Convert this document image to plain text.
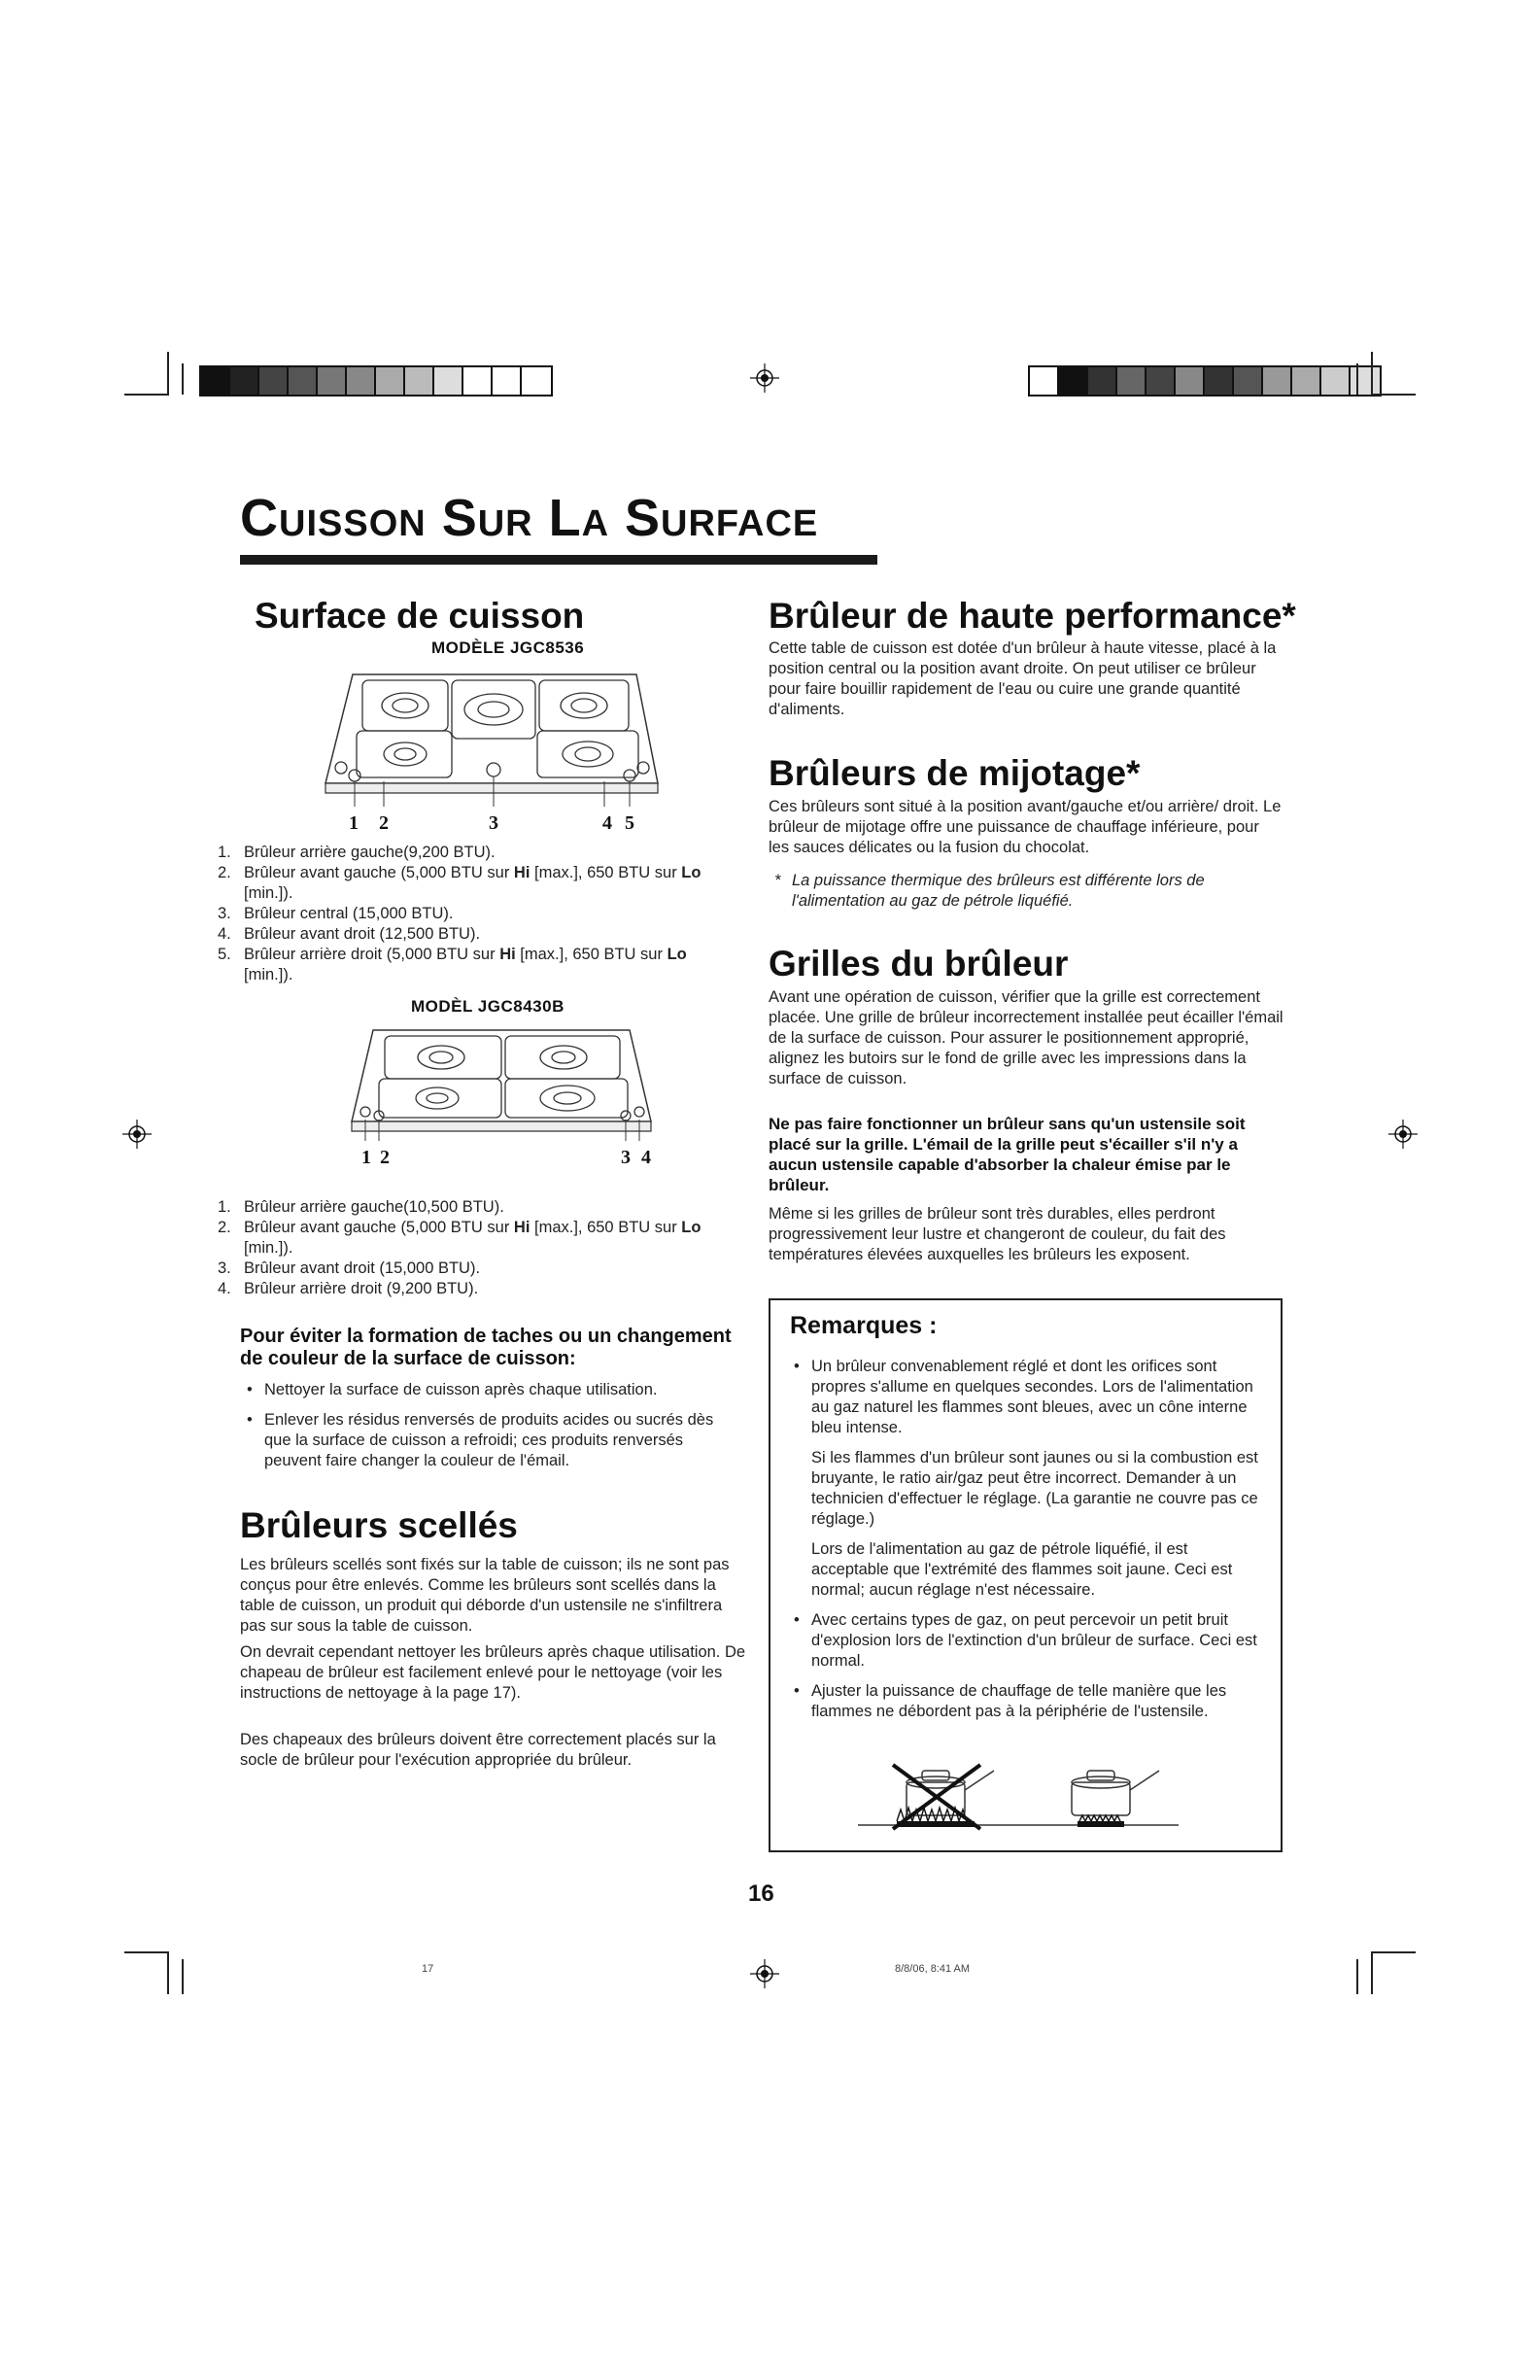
Cuisson Sur La Surface
Surface de cuisson
MODÈLE JGC8536
1 2	3	4 5
1. Brûleur arrière gauche(9,200 BTU).
2. Brûleur avant gauche (5,000 BTU sur Hi [max.], 650 BTU sur Lo [min.]).
3. Brûleur central (15,000 BTU).
4. Brûleur avant droit (12,500 BTU).
5. Brûleur arrière droit (5,000 BTU sur Hi [max.], 650 BTU sur Lo [min.]).
MODÈL JGC8430B
1 2	3 4
1. Brûleur arrière gauche(10,500 BTU).
2. Brûleur avant gauche (5,000 BTU sur Hi [max.], 650 BTU sur Lo [min.]).
3. Brûleur avant droit (15,000 BTU).
4. Brûleur arrière droit (9,200 BTU).
Pour éviter la formation de taches ou un changement de couleur de la surface de cuisson:
• Nettoyer la surface de cuisson après chaque utilisation.
• Enlever les résidus renversés de produits acides ou sucrés dès que la surface de cuisson a refroidi; ces produits renversés peuvent faire changer la couleur de l'émail.
Brûleurs scellés

Les brûleurs scellés sont fixés sur la table de cuisson; ils ne sont pas conçus pour être enlevés. Comme les brûleurs sont scellés dans la table de cuisson, un produit qui déborde d'un ustensile ne s'infiltrera pas sur sous la table de cuisson.

On devrait cependant nettoyer les brûleurs après chaque utilisation. De chapeau de brûleur est facilement enlevé pour le nettoyage (voir les instructions de nettoyage à la page 17).

Des chapeaux des brûleurs doivent être correctement placés sur la socle de brûleur pour l'exécution appropriée du brûleur.

Brûleur de haute performance*

Cette table de cuisson est dotée d'un brûleur à haute vitesse, placé à la position central ou la position avant droite. On peut utiliser ce brûleur pour faire bouillir rapidement de l'eau ou cuire une grande quantité d'aliments.

Brûleurs de mijotage*

Ces brûleurs sont situé à la position avant/gauche et/ou arrière/ droit. Le brûleur de mijotage offre une puissance de chauffage inférieure, pour les sauces délicates ou la fusion du chocolat.

* La puissance thermique des brûleurs est différente lors de l'alimentation au gaz de pétrole liquéfié.

Grilles du brûleur

Avant une opération de cuisson, vérifier que la grille est correctement placée. Une grille de brûleur incorrectement installée peut écailler l'émail de la surface de cuisson. Pour assurer le positionnement approprié, alignez les butoirs sur le fond de grille avec les impressions dans la surface de cuisson.

Ne pas faire fonctionner un brûleur sans qu'un ustensile soit placé sur la grille. L'émail de la grille peut s'écailler s'il n'y a aucun ustensile capable d'absorber la chaleur émise par le brûleur.

Même si les grilles de brûleur sont très durables, elles perdront progressivement leur lustre et changeront de couleur, du fait des températures élevées auxquelles les brûleurs les exposent.

Remarques :

• Un brûleur convenablement réglé et dont les orifices sont propres s'allume en quelques secondes. Lors de l'alimentation au gaz naturel les flammes sont bleues, avec un cône interne bleu intense.

Si les flammes d'un brûleur sont jaunes ou si la combustion est bruyante, le ratio air/gaz peut être incorrect. Demander à un technicien d'effectuer le réglage. (La garantie ne couvre pas ce réglage.)

Lors de l'alimentation au gaz de pétrole liquéfié, il est acceptable que l'extrémité des flammes soit jaune. Ceci est normal; aucun réglage n'est nécessaire.

• Avec certains types de gaz, on peut percevoir un petit bruit d'explosion lors de l'extinction d'un brûleur de surface. Ceci est normal.

• Ajuster la puissance de chauffage de telle manière que les flammes ne débordent pas à la périphérie de l'ustensile.

16
17	8/8/06, 8:41 AM
